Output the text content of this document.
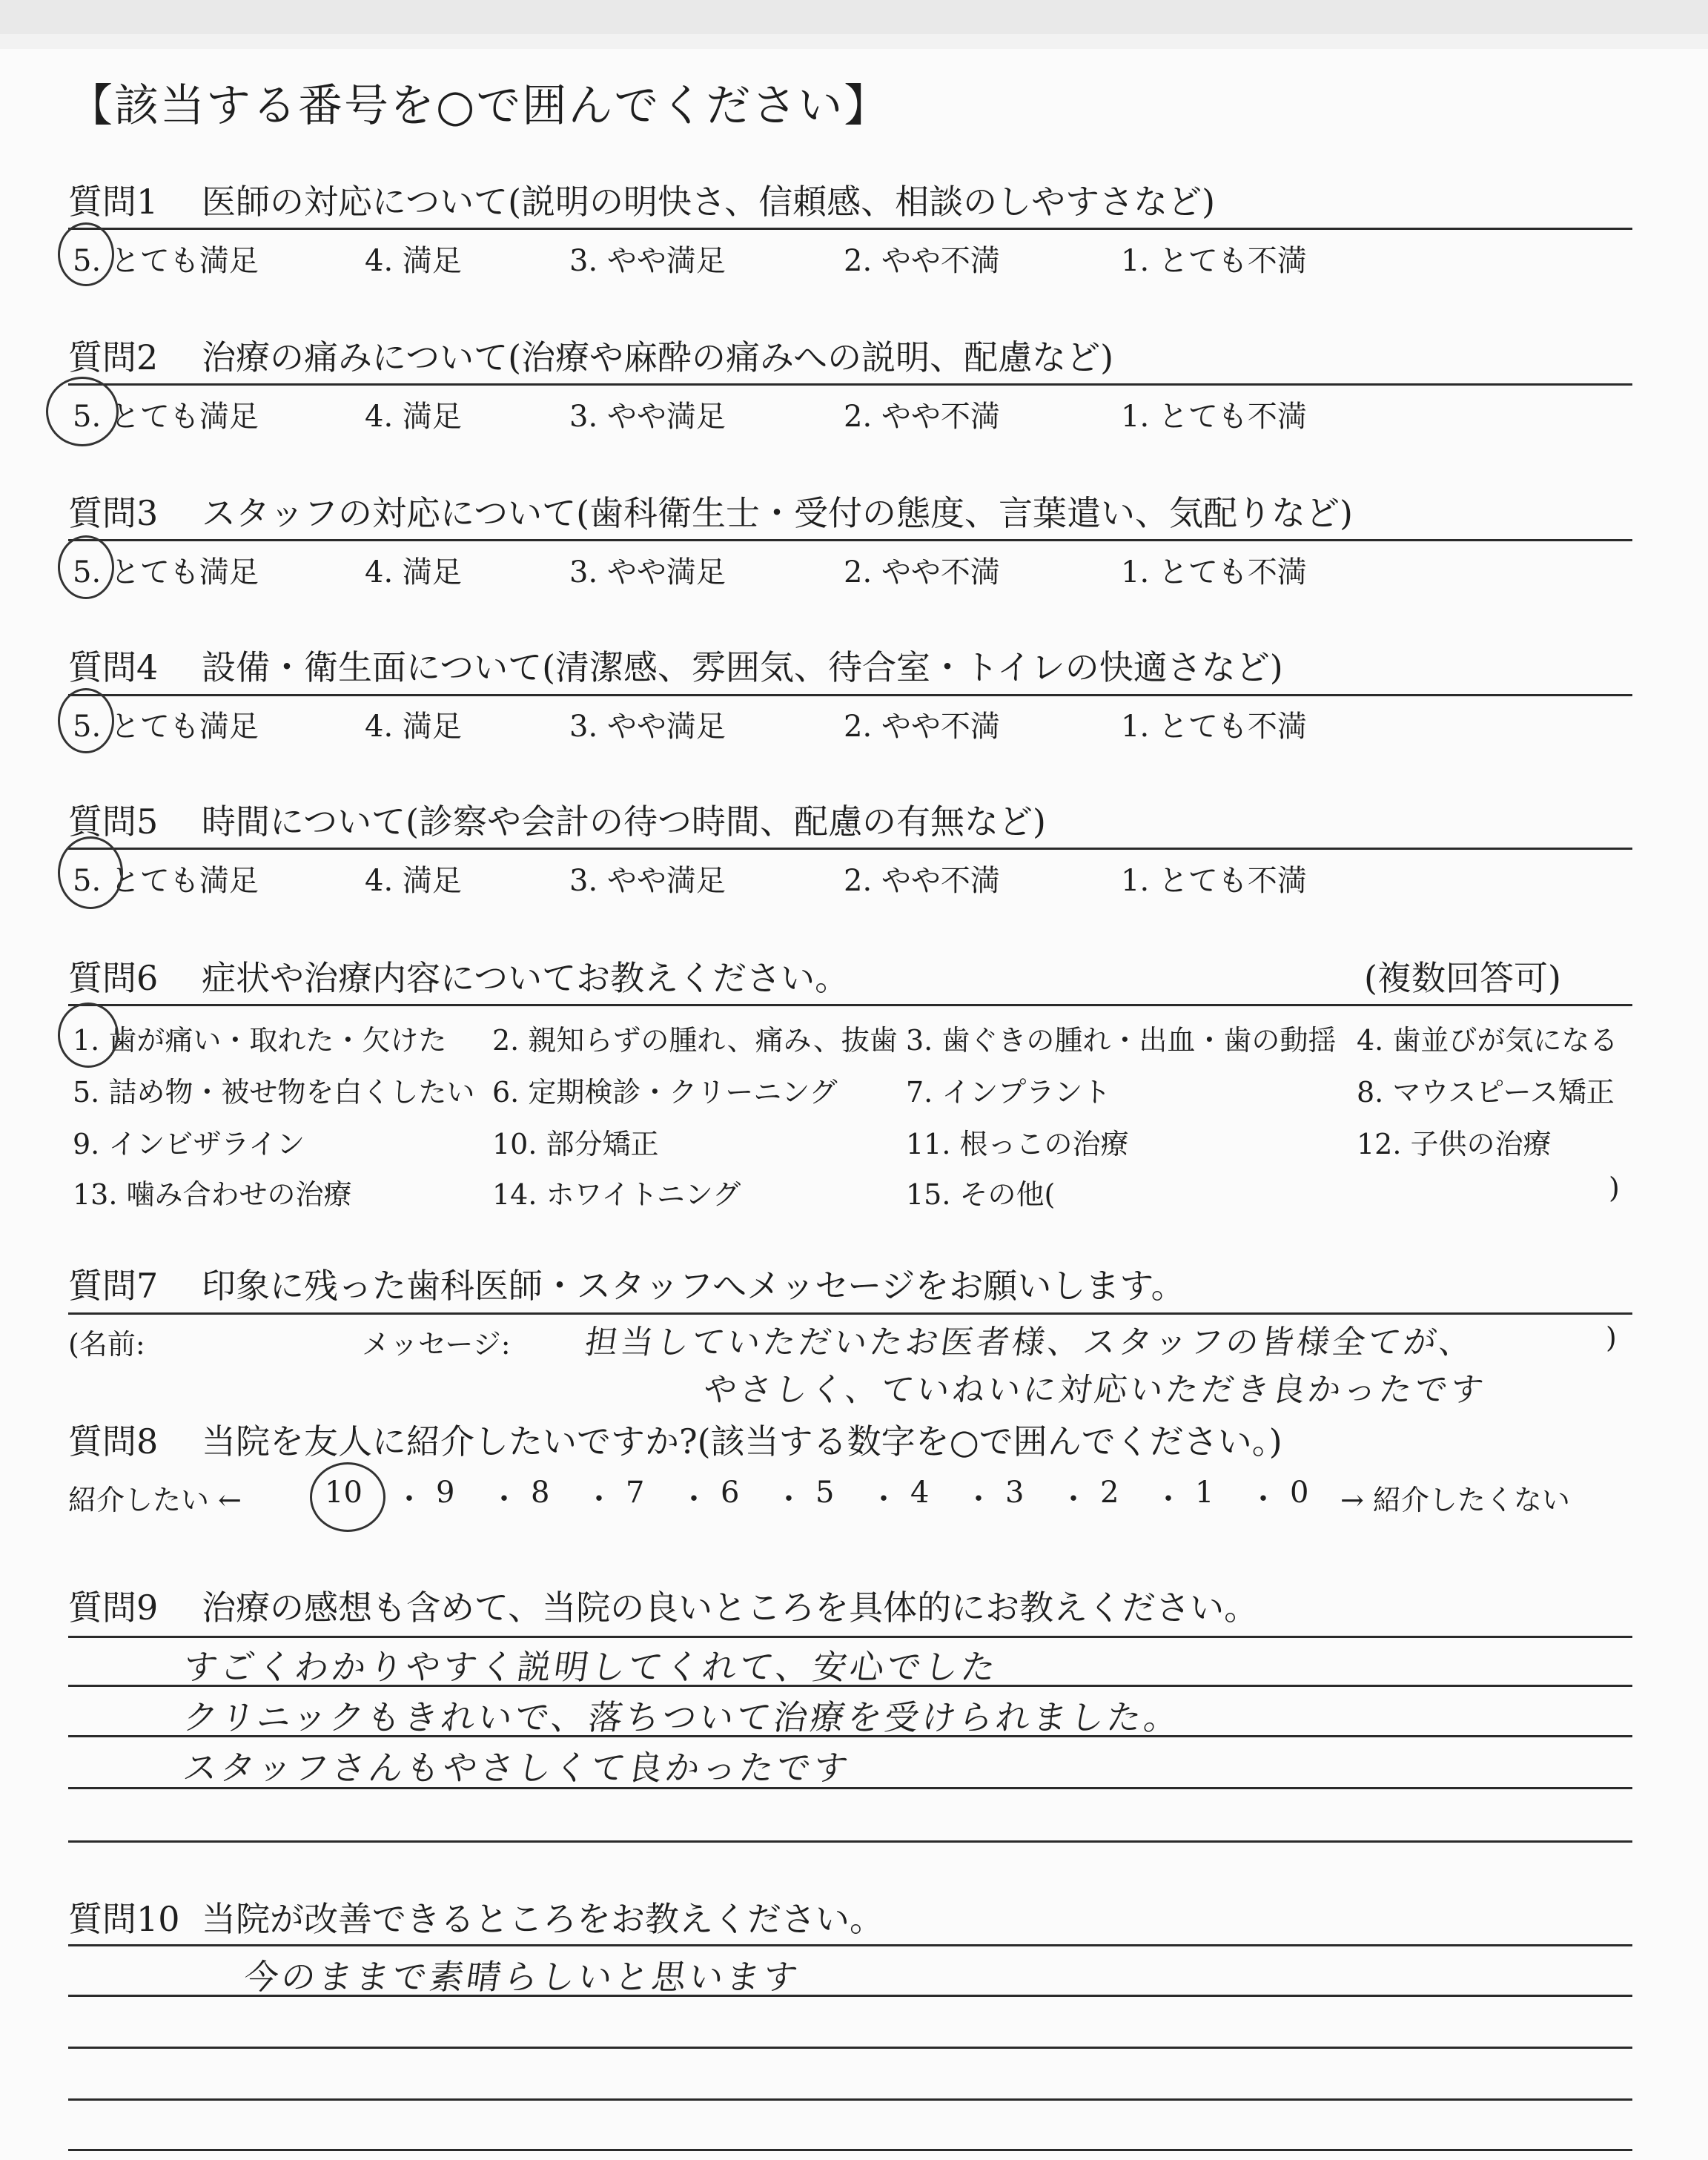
【該当する番号を○で囲んでください】
質問1 医師の対応について(説明の明快さ、信頼感、相談のしやすさなど)
5. とても満足	4. 満足	3. やや満足	2. やや不満	1. とても不満
質問2 治療の痛みについて(治療や麻酔の痛みへの説明、配慮など)
5. とても満足	4. 満足	3. やや満足	2. やや不満	1. とても不満
質問3 スタッフの対応について(歯科衛生士・受付の態度、言葉遣い、気配りなど)
5. とても満足	4. 満足	3. やや満足	2. やや不満	1. とても不満
質問4 設備・衛生面について(清潔感、雰囲気、待合室・トイレの快適さなど)
5. とても満足	4. 満足	3. やや満足	2. やや不満	1. とても不満
質問5 時間について(診察や会計の待つ時間、配慮の有無など)
5. とても満足	4. 満足	3. やや満足	2. やや不満	1. とても不満
質問6 症状や治療内容についてお教えください。	(複数回答可)
1. 歯が痛い・取れた・欠けた 2. 親知らずの腫れ、痛み、抜歯 3. 歯ぐきの腫れ・出血・歯の動揺 4. 歯並びが気になる
5. 詰め物・被せ物を白くしたい 6. 定期検診・クリーニング 7. インプラント	8. マウスピース矯正
9. インビザライン	10. 部分矯正	11. 根っこの治療	12. 子供の治療
13. 噛み合わせの治療	14. ホワイトニング	15. その他(	)
質問7 印象に残った歯科医師・スタッフへメッセージをお願いします。
(名前:	メッセージ:	)
担当していただいたお医者様、スタッフの皆様全てが、
やさしく、ていねいに対応いただき良かったです
質問8 当院を友人に紹介したいですか?(該当する数字を○で囲んでください。)
紹介したい ←	10 ・ 9 ・ 8 ・ 7 ・ 6 ・ 5 ・ 4 ・ 3 ・ 2 ・ 1 ・ 0 → 紹介したくない
質問9 治療の感想も含めて、当院の良いところを具体的にお教えください。
すごくわかりやすく説明してくれて、安心でした
クリニックもきれいで、落ちついて治療を受けられました。
スタッフさんもやさしくて良かったです
質問10 当院が改善できるところをお教えください。
今のままで素晴らしいと思います
